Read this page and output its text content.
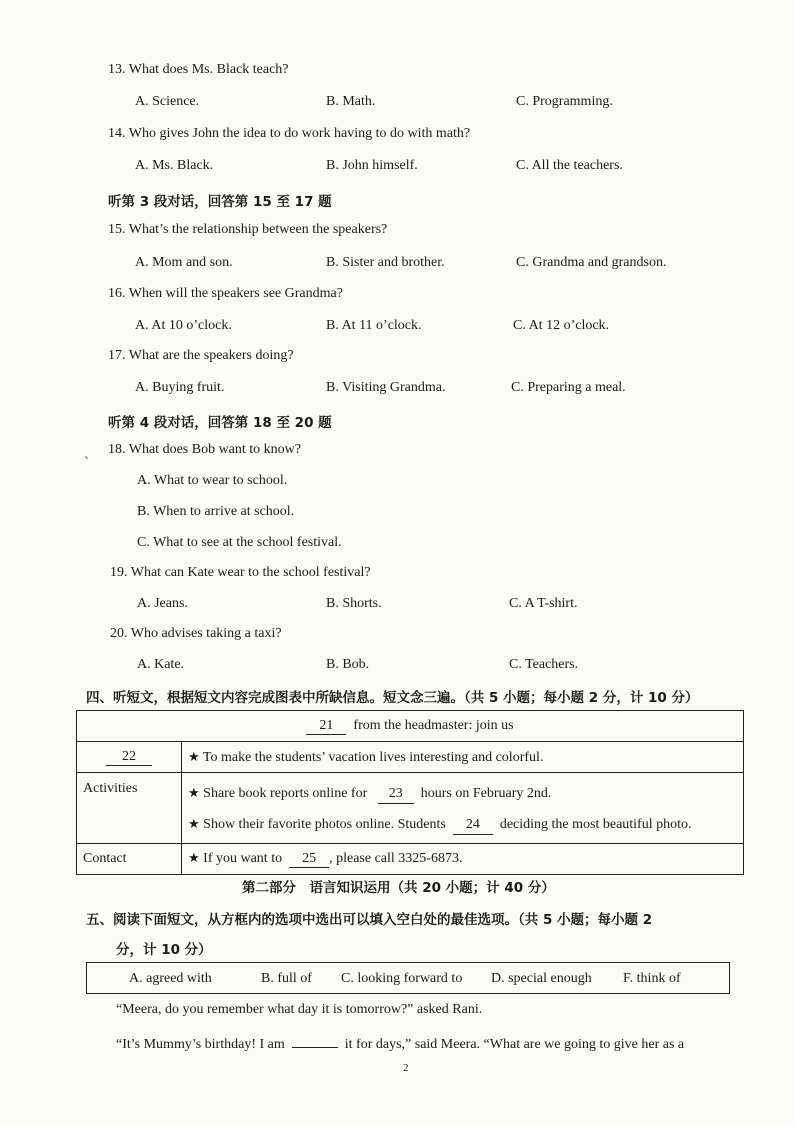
13. What does Ms. Black teach?
A. Science.	B. Math.	C. Programming.
14. Who gives John the idea to do work having to do with math?
A. Ms. Black.	B. John himself.	C. All the teachers.
听第 3 段对话，回答第 15 至 17 题
15. What’s the relationship between the speakers?
A. Mom and son.	B. Sister and brother.	C. Grandma and grandson.
16. When will the speakers see Grandma?
A. At 10 o’clock.	B. At 11 o’clock.	C. At 12 o’clock.
17. What are the speakers doing?
A. Buying fruit.	B. Visiting Grandma.	C. Preparing a meal.
听第 4 段对话，回答第 18 至 20 题
、 18. What does Bob want to know?
A. What to wear to school.
B. When to arrive at school.
C. What to see at the school festival.
19. What can Kate wear to the school festival?
A. Jeans.	B. Shorts.	C. A T-shirt.
20. Who advises taking a taxi?
A. Kate.	B. Bob.	C. Teachers.
四、听短文，根据短文内容完成图表中所缺信息。短文念三遍。（共 5 小题；每小题 2 分，计 10 分）
21 from the headmaster: join us	
22	★ To make the students’ vacation lives interesting and colorful.
Activities	★ Share book reports online for 23 hours on February 2nd.
★ Show their favorite photos online. Students 24 deciding the most beautiful photo.

Contact	★ If you want to 25 , please call 3325-6873.
第二部分　语言知识运用（共 20 小题；计 40 分）
五、阅读下面短文，从方框内的选项中选出可以填入空白处的最佳选项。（共 5 小题；每小题 2
分，计 10 分）
A. agreed with	B. full of C. looking forward to D. special enough F. think of
“Meera, do you remember what day it is tomorrow?” asked Rani.
“It’s Mummy’s birthday! I am	it for days,” said Meera. “What are we going to give her as a
2
